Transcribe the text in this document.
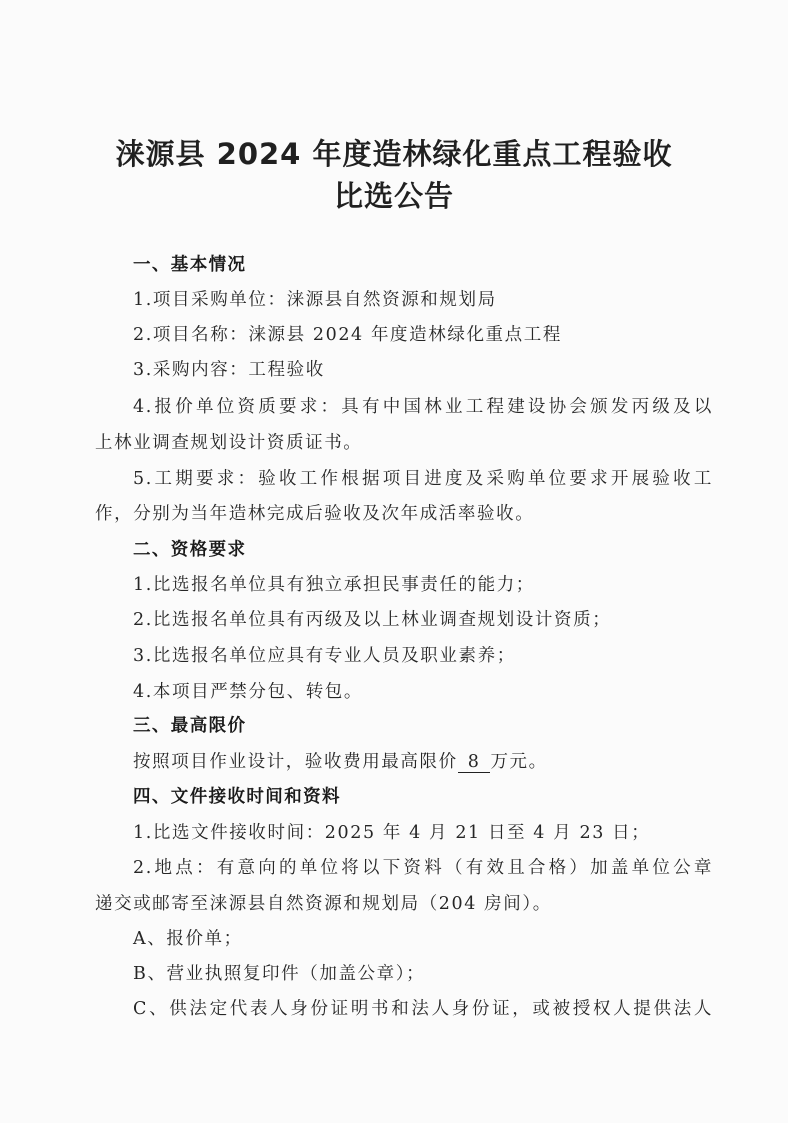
涞源县 2024 年度造林绿化重点工程验收
比选公告
一、基本情况
1.项目采购单位：涞源县自然资源和规划局
2.项目名称：涞源县 2024 年度造林绿化重点工程
3.采购内容：工程验收
4.报价单位资质要求：具有中国林业工程建设协会颁发丙级及以
上林业调查规划设计资质证书。
5.工期要求：验收工作根据项目进度及采购单位要求开展验收工
作，分别为当年造林完成后验收及次年成活率验收。
二、资格要求
1.比选报名单位具有独立承担民事责任的能力；
2.比选报名单位具有丙级及以上林业调查规划设计资质；
3.比选报名单位应具有专业人员及职业素养；
4.本项目严禁分包、转包。
三、最高限价
按照项目作业设计，验收费用最高限价 8 万元。
四、文件接收时间和资料
1.比选文件接收时间：2025 年 4 月 21 日至 4 月 23 日；
2.地点：有意向的单位将以下资料（有效且合格）加盖单位公章
递交或邮寄至涞源县自然资源和规划局（204 房间）。
A、报价单；
B、营业执照复印件（加盖公章）；
C、供法定代表人身份证明书和法人身份证，或被授权人提供法人
